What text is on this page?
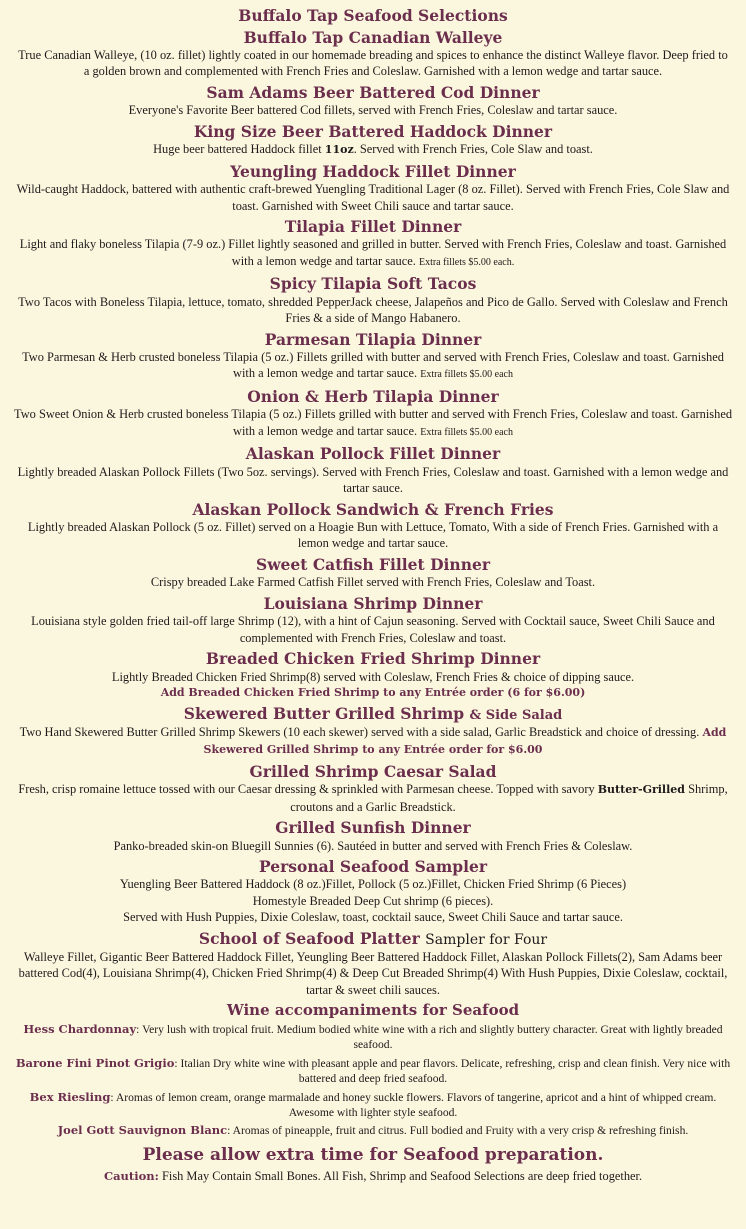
Buffalo Tap Seafood Selections
Buffalo Tap Canadian Walleye

True Canadian Walleye, (10 oz. fillet) lightly coated in our homemade breading and spices to enhance the distinct Walleye flavor. Deep fried to a golden brown and complemented with French Fries and Coleslaw. Garnished with a lemon wedge and tartar sauce.

Sam Adams Beer Battered Cod Dinner

Everyone's Favorite Beer battered Cod fillets, served with French Fries, Coleslaw and tartar sauce.

King Size Beer Battered Haddock Dinner

Huge beer battered Haddock fillet 11oz. Served with French Fries, Cole Slaw and toast.

Yeungling Haddock Fillet Dinner

Wild-caught Haddock, battered with authentic craft-brewed Yuengling Traditional Lager (8 oz. Fillet). Served with French Fries, Cole Slaw and toast. Garnished with Sweet Chili sauce and tartar sauce.

Tilapia Fillet Dinner

Light and flaky boneless Tilapia (7-9 oz.) Fillet lightly seasoned and grilled in butter. Served with French Fries, Coleslaw and toast. Garnished with a lemon wedge and tartar sauce. Extra fillets $5.00 each.

Spicy Tilapia Soft Tacos

Two Tacos with Boneless Tilapia, lettuce, tomato, shredded PepperJack cheese, Jalapeños and Pico de Gallo. Served with Coleslaw and French Fries & a side of Mango Habanero.

Parmesan Tilapia Dinner

Two Parmesan & Herb crusted boneless Tilapia (5 oz.) Fillets grilled with butter and served with French Fries, Coleslaw and toast. Garnished with a lemon wedge and tartar sauce. Extra fillets $5.00 each

Onion & Herb Tilapia Dinner

Two Sweet Onion & Herb crusted boneless Tilapia (5 oz.) Fillets grilled with butter and served with French Fries, Coleslaw and toast. Garnished with a lemon wedge and tartar sauce. Extra fillets $5.00 each

Alaskan Pollock Fillet Dinner

Lightly breaded Alaskan Pollock Fillets (Two 5oz. servings). Served with French Fries, Coleslaw and toast. Garnished with a lemon wedge and tartar sauce.

Alaskan Pollock Sandwich & French Fries

Lightly breaded Alaskan Pollock (5 oz. Fillet) served on a Hoagie Bun with Lettuce, Tomato, With a side of French Fries. Garnished with a lemon wedge and tartar sauce.

Sweet Catfish Fillet Dinner

Crispy breaded Lake Farmed Catfish Fillet served with French Fries, Coleslaw and Toast.

Louisiana Shrimp Dinner

Louisiana style golden fried tail-off large Shrimp (12), with a hint of Cajun seasoning. Served with Cocktail sauce, Sweet Chili Sauce and complemented with French Fries, Coleslaw and toast.

Breaded Chicken Fried Shrimp Dinner

Lightly Breaded Chicken Fried Shrimp(8) served with Coleslaw, French Fries & choice of dipping sauce.

Add Breaded Chicken Fried Shrimp to any Entrée order (6 for $6.00)

Skewered Butter Grilled Shrimp & Side Salad

Two Hand Skewered Butter Grilled Shrimp Skewers (10 each skewer) served with a side salad, Garlic Breadstick and choice of dressing. Add Skewered Grilled Shrimp to any Entrée order for $6.00

Grilled Shrimp Caesar Salad

Fresh, crisp romaine lettuce tossed with our Caesar dressing & sprinkled with Parmesan cheese. Topped with savory Butter-Grilled Shrimp, croutons and a Garlic Breadstick.

Grilled Sunfish Dinner

Panko-breaded skin-on Bluegill Sunnies (6). Sautéed in butter and served with French Fries & Coleslaw.

Personal Seafood Sampler

Yuengling Beer Battered Haddock (8 oz.)Fillet, Pollock (5 oz.)Fillet, Chicken Fried Shrimp (6 Pieces)

Homestyle Breaded Deep Cut shrimp (6 pieces).

Served with Hush Puppies, Dixie Coleslaw, toast, cocktail sauce, Sweet Chili Sauce and tartar sauce.

School of Seafood Platter Sampler for Four

Walleye Fillet, Gigantic Beer Battered Haddock Fillet, Yeungling Beer Battered Haddock Fillet, Alaskan Pollock Fillets(2), Sam Adams beer battered Cod(4), Louisiana Shrimp(4), Chicken Fried Shrimp(4) & Deep Cut Breaded Shrimp(4) With Hush Puppies, Dixie Coleslaw, cocktail, tartar & sweet chili sauces.

Wine accompaniments for Seafood

Hess Chardonnay: Very lush with tropical fruit. Medium bodied white wine with a rich and slightly buttery character. Great with lightly breaded seafood.

Barone Fini Pinot Grigio: Italian Dry white wine with pleasant apple and pear flavors. Delicate, refreshing, crisp and clean finish. Very nice with battered and deep fried seafood.

Bex Riesling: Aromas of lemon cream, orange marmalade and honey suckle flowers. Flavors of tangerine, apricot and a hint of whipped cream. Awesome with lighter style seafood.

Joel Gott Sauvignon Blanc: Aromas of pineapple, fruit and citrus. Full bodied and Fruity with a very crisp & refreshing finish.

Please allow extra time for Seafood preparation.

Caution: Fish May Contain Small Bones. All Fish, Shrimp and Seafood Selections are deep fried together.
